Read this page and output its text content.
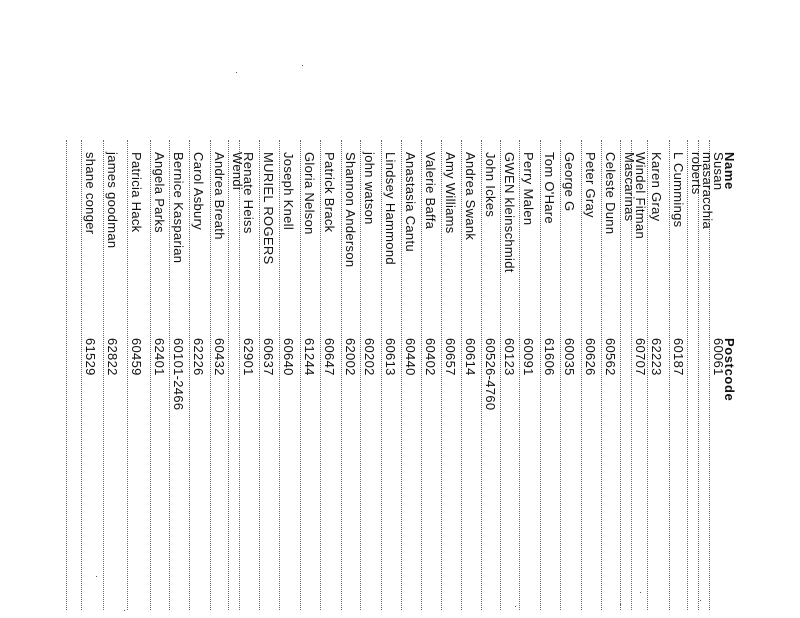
Name
Postcode
Susan
60061
masaracchia
roberts
L Cummings
60187
Karen Gray
62223
Windel Fitman
60707
Mascarinas
Celeste Dunn
60562
Peter Gray
60626
George G
60035
Tom O'Hare
61606
Perry Malen
60091
GWEN kleinschmidt
60123
John Ickes
60526-4760
Andrea Swank
60614
Amy Williams
60657
Valerie Baffa
60402
Anastasia Cantu
60440
Lindsey Hammond
60613
john watson
60202
Shannon Anderson
62002
Patrick Brack
60647
Gloria Nelson
61244
Joseph Knell
60640
MURIEL ROGERS
60637
Renate Heiss
62901
Wendi
Andrea Breath
60432
Carol Asbury
62226
Bernice Kasparian
60101-2466
Angela Parks
62401
Patricia Hack
60459
james goodman
62822
shane conger
61529
